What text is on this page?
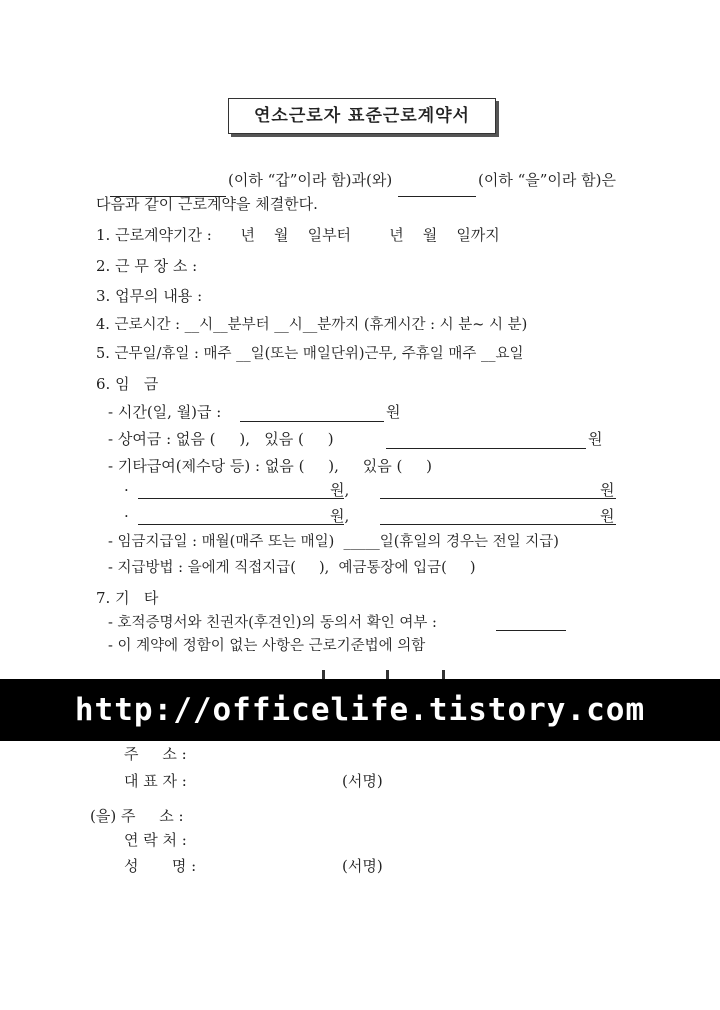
연소근로자 표준근로계약서
(이하 “갑”이라 함)과(와)	(이하 “을”이라 함)은
다음과 같이 근로계약을 체결한다.
1. 근로계약기간 :      년    월    일부터        년    월    일까지
2. 근 무 장 소 :
3. 업무의 내용 :
4. 근로시간 : __시__분부터 __시__분까지 (휴게시간 : 시 분~ 시 분)
5. 근무일/휴일 : 매주 __일(또는 매일단위)근무, 주휴일 매주 __요일
6. 임   금
- 시간(일, 월)급 :	원
- 상여금 : 없음 (     ),   있음 (     )	원
- 기타급여(제수당 등) : 없음 (     ),     있음 (     )
·	원,	원
·	원,	원
- 임금지급일 : 매월(매주 또는 매일)  _____일(휴일의 경우는 전일 지급)
- 지급방법 : 을에게 직접지급(     ),  예금통장에 입금(     )
7. 기   타
- 호적증명서와 친권자(후견인)의 동의서 확인 여부 :
- 이 계약에 정함이 없는 사항은 근로기준법에 의함
http://officelife.tistory.com
주     소 :
대 표 자 :	(서명)
(을) 주     소 :
연 락 처 :
성       명 :	(서명)
